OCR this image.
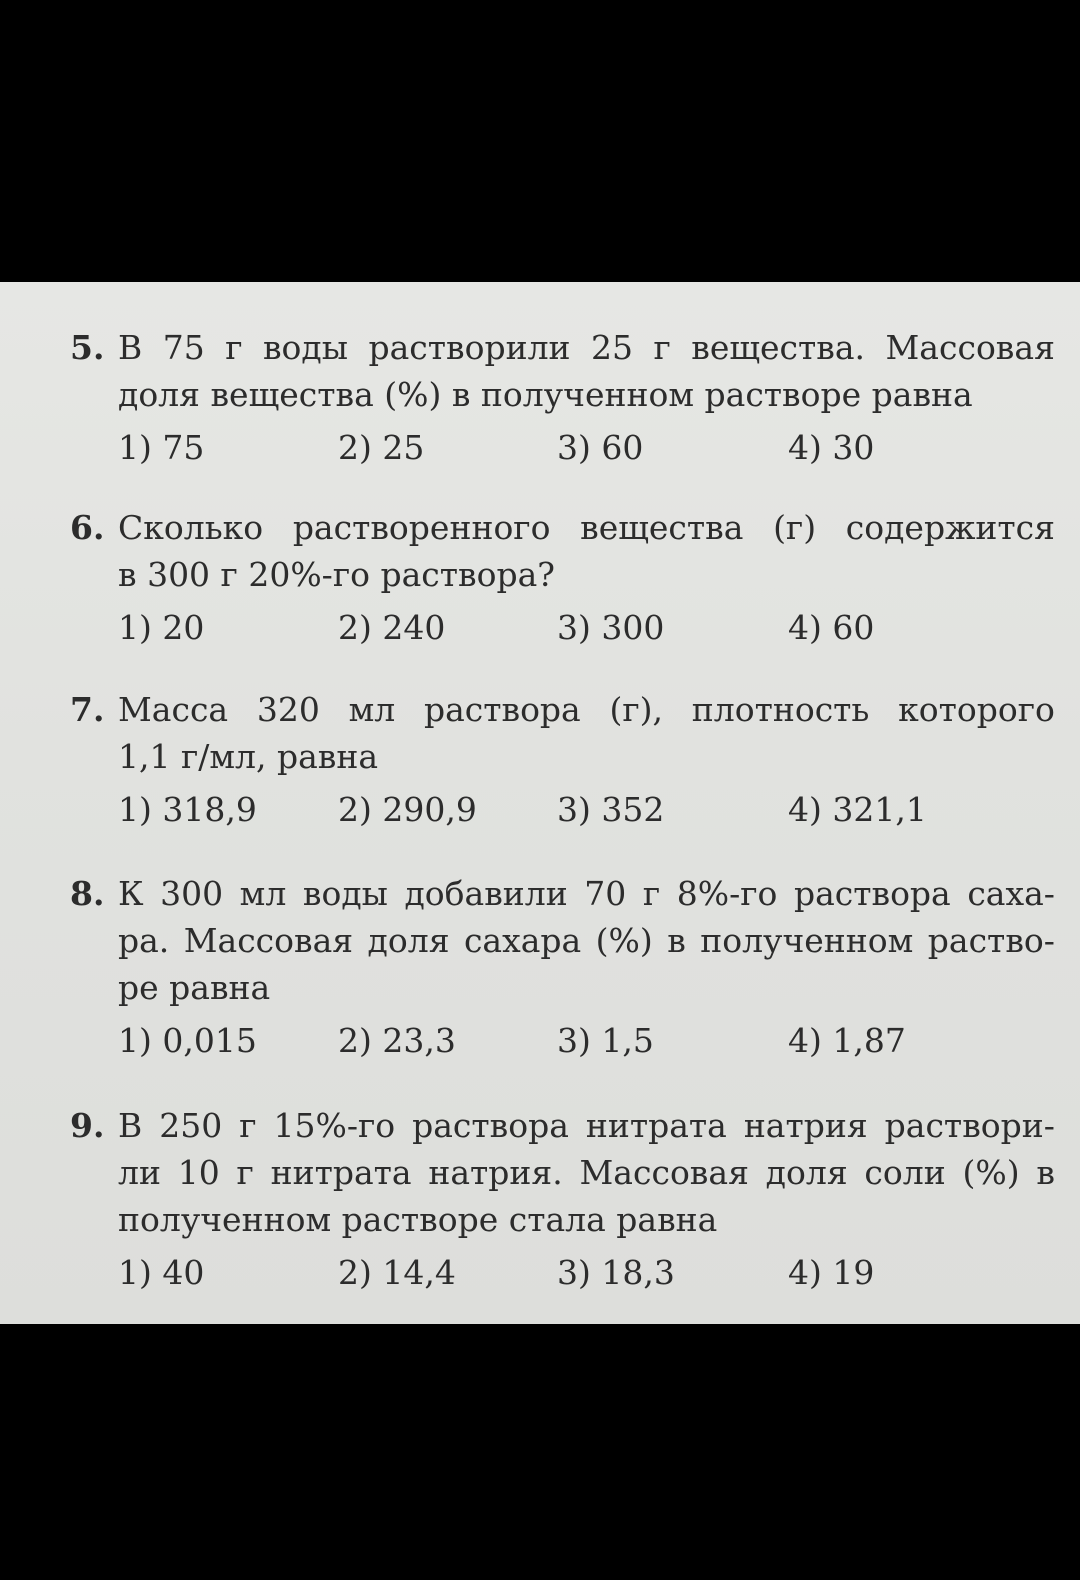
5. В 75 г воды растворили 25 г вещества. Массовая
доля вещества (%) в полученном растворе равна
1) 75	2) 25	3) 60	4) 30
6. Сколько растворенного вещества (г) содержится
в 300 г 20%-го раствора?
1) 20	2) 240	3) 300	4) 60
7. Масса 320 мл раствора (г), плотность которого
1,1 г/мл, равна
1) 318,9 2) 290,9 3) 352	4) 321,1
8. К 300 мл воды добавили 70 г 8%-го раствора саха-
ра. Массовая доля сахара (%) в полученном раство-
ре равна
1) 0,015 2) 23,3	3) 1,5	4) 1,87
9. В 250 г 15%-го раствора нитрата натрия раствори-
ли 10 г нитрата натрия. Массовая доля соли (%) в
полученном растворе стала равна
1) 40	2) 14,4	3) 18,3	4) 19
